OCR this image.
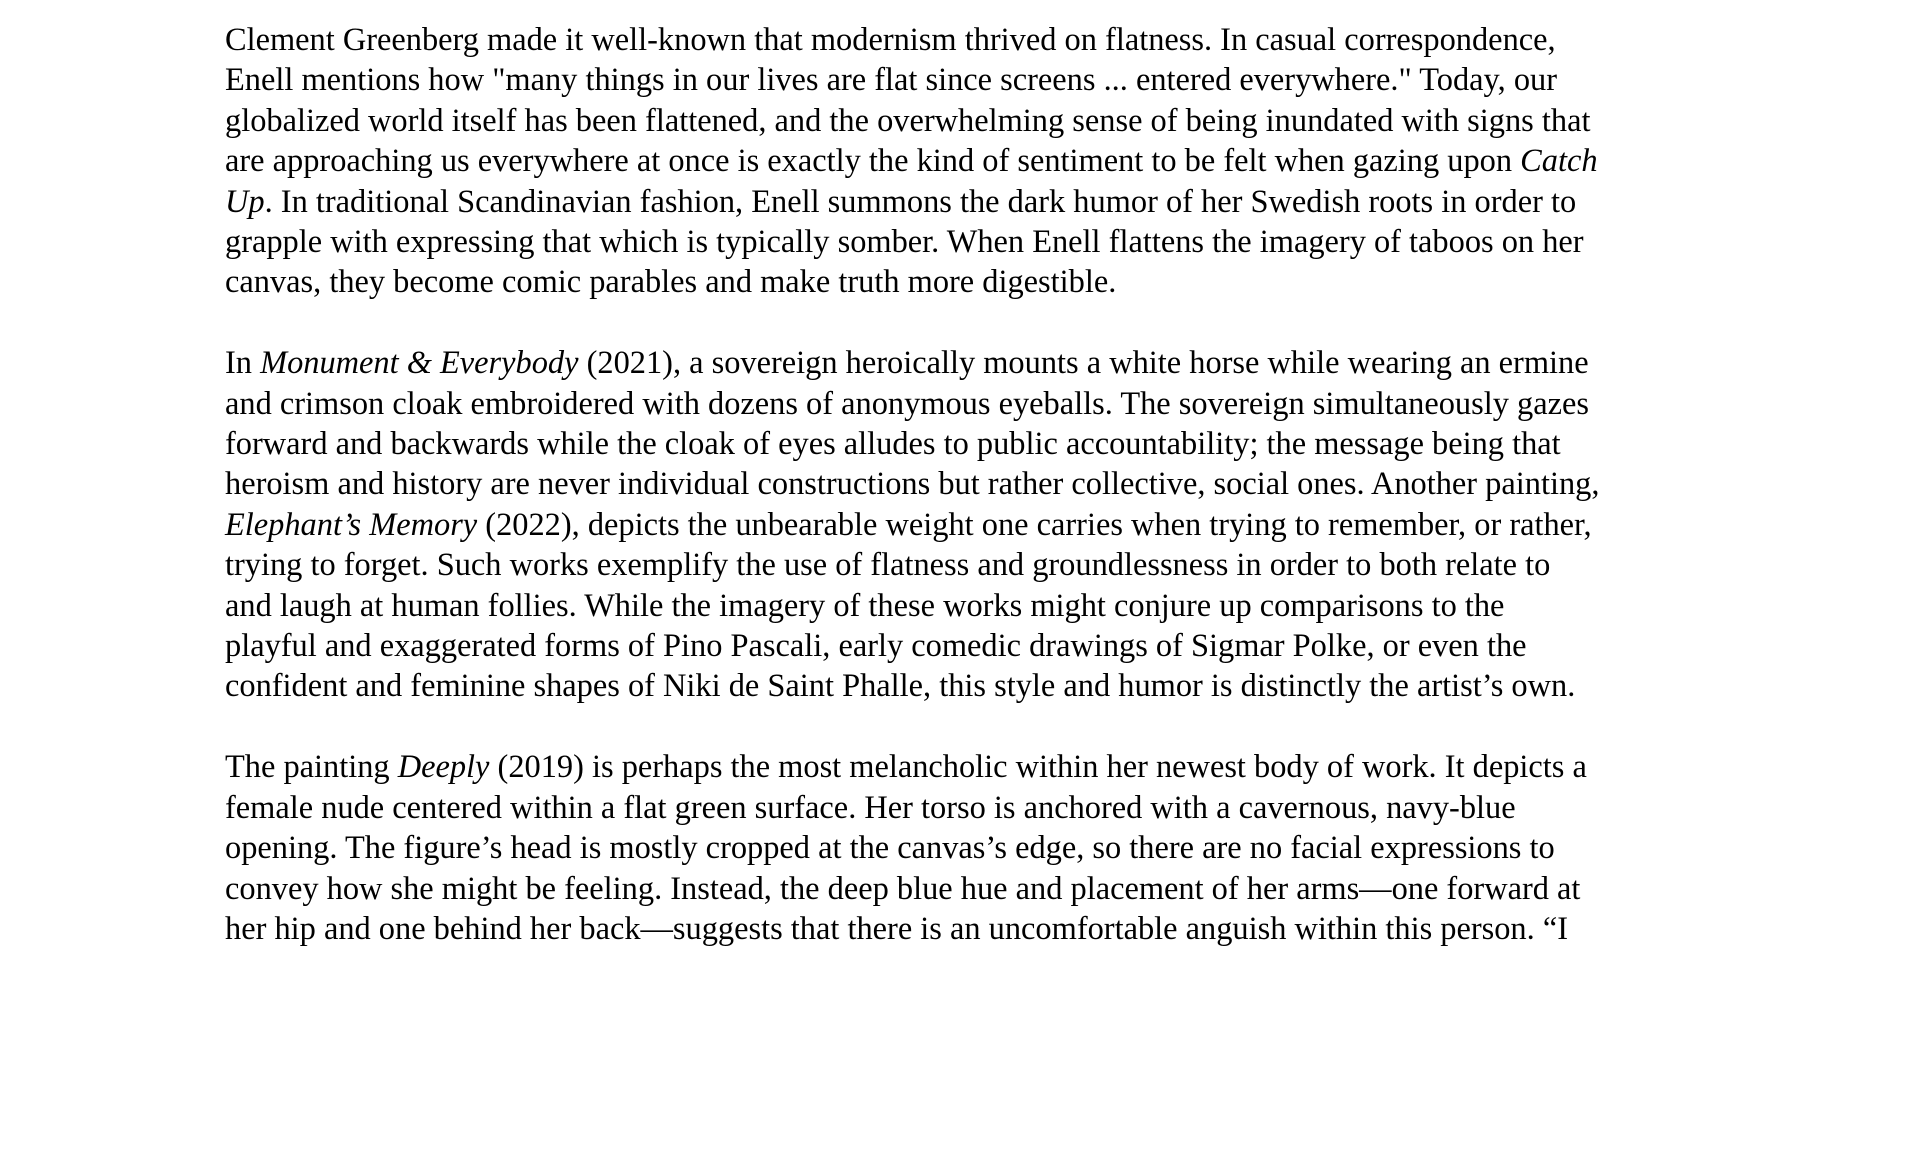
Clement Greenberg made it well-known that modernism thrived on flatness. In casual correspondence,
Enell mentions how "many things in our lives are flat since screens ... entered everywhere." Today, our
globalized world itself has been flattened, and the overwhelming sense of being inundated with signs that
are approaching us everywhere at once is exactly the kind of sentiment to be felt when gazing upon Catch
Up. In traditional Scandinavian fashion, Enell summons the dark humor of her Swedish roots in order to
grapple with expressing that which is typically somber. When Enell flattens the imagery of taboos on her
canvas, they become comic parables and make truth more digestible.
In Monument & Everybody (2021), a sovereign heroically mounts a white horse while wearing an ermine
and crimson cloak embroidered with dozens of anonymous eyeballs. The sovereign simultaneously gazes
forward and backwards while the cloak of eyes alludes to public accountability; the message being that
heroism and history are never individual constructions but rather collective, social ones. Another painting,
Elephant’s Memory (2022), depicts the unbearable weight one carries when trying to remember, or rather,
trying to forget. Such works exemplify the use of flatness and groundlessness in order to both relate to
and laugh at human follies. While the imagery of these works might conjure up comparisons to the
playful and exaggerated forms of Pino Pascali, early comedic drawings of Sigmar Polke, or even the
confident and feminine shapes of Niki de Saint Phalle, this style and humor is distinctly the artist’s own.
The painting Deeply (2019) is perhaps the most melancholic within her newest body of work. It depicts a
female nude centered within a flat green surface. Her torso is anchored with a cavernous, navy-blue
opening. The figure’s head is mostly cropped at the canvas’s edge, so there are no facial expressions to
convey how she might be feeling. Instead, the deep blue hue and placement of her arms—one forward at
her hip and one behind her back—suggests that there is an uncomfortable anguish within this person. “I
